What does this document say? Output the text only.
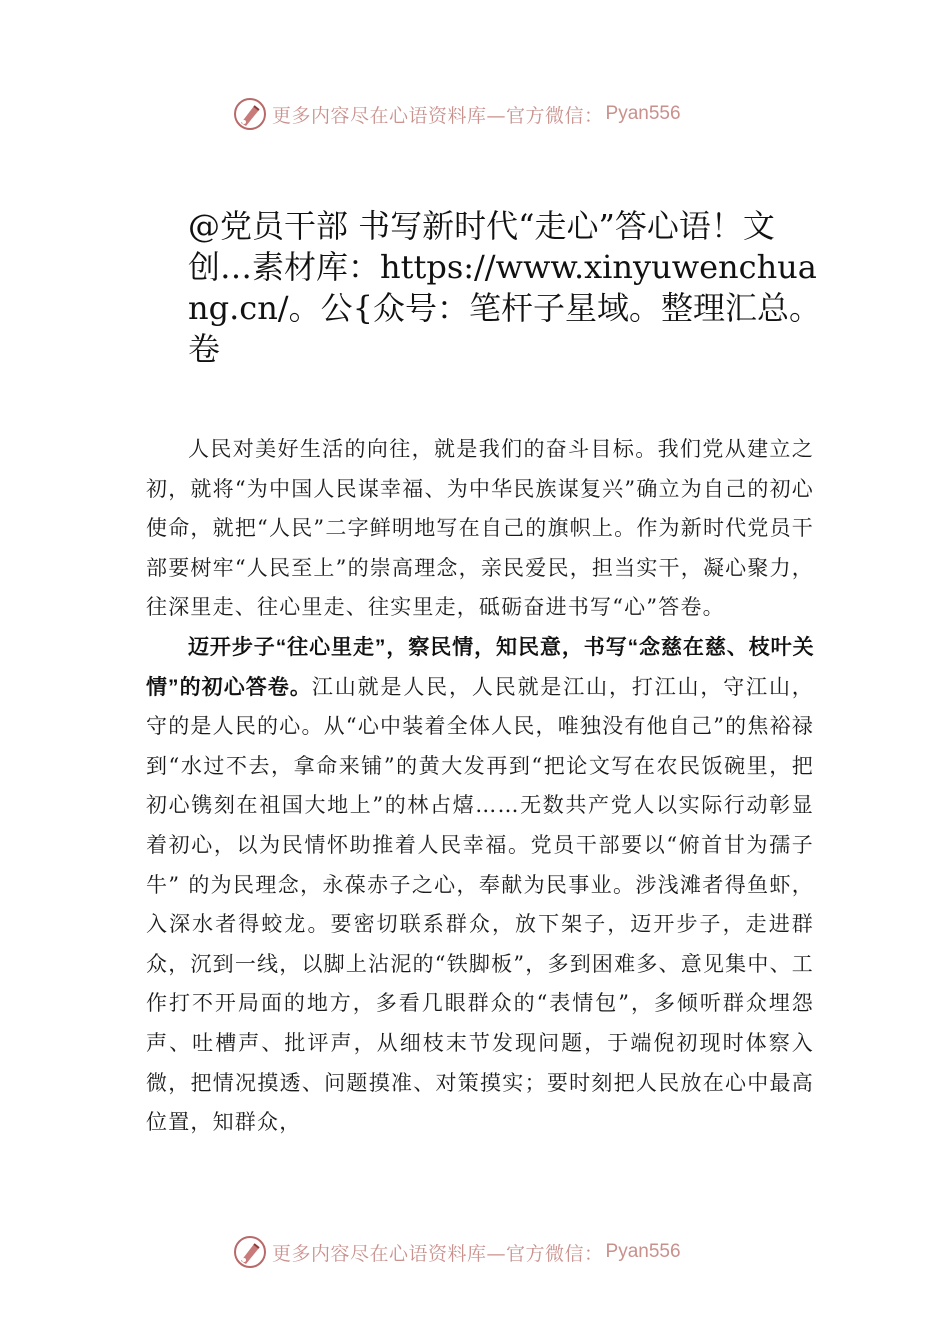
更多内容尽在心语资料库—官方微信： Pyan556
@党员干部 书写新时代“走心”答心语！文创…素材库：https://www.xinyuwenchuang.cn/。公{众号：笔杆子星域。整理汇总。卷

人民对美好生活的向往，就是我们的奋斗目标。我们党从建立之初，就将“为中国人民谋幸福、为中华民族谋复兴”确立为自己的初心使命，就把“人民”二字鲜明地写在自己的旗帜上。作为新时代党员干部要树牢“人民至上”的崇高理念，亲民爱民，担当实干，凝心聚力，往深里走、往心里走、往实里走，砥砺奋进书写“心”答卷。

迈开步子“往心里走”，察民情，知民意，书写“念慈在慈、枝叶关情”的初心答卷。江山就是人民，人民就是江山，打江山，守江山，守的是人民的心。从“心中装着全体人民，唯独没有他自己”的焦裕禄到“水过不去，拿命来铺”的黄大发再到“把论文写在农民饭碗里，把初心镌刻在祖国大地上”的林占熺……无数共产党人以实际行动彰显着初心，以为民情怀助推着人民幸福。党员干部要以“俯首甘为孺子牛” 的为民理念，永葆赤子之心，奉献为民事业。涉浅滩者得鱼虾，入深水者得蛟龙。要密切联系群众，放下架子，迈开步子，走进群众，沉到一线，以脚上沾泥的“铁脚板”，多到困难多、意见集中、工作打不开局面的地方，多看几眼群众的“表情包”，多倾听群众埋怨声、吐槽声、批评声，从细枝末节发现问题，于端倪初现时体察入微，把情况摸透、问题摸准、对策摸实；要时刻把人民放在心中最高位置，知群众，

更多内容尽在心语资料库—官方微信： Pyan556
